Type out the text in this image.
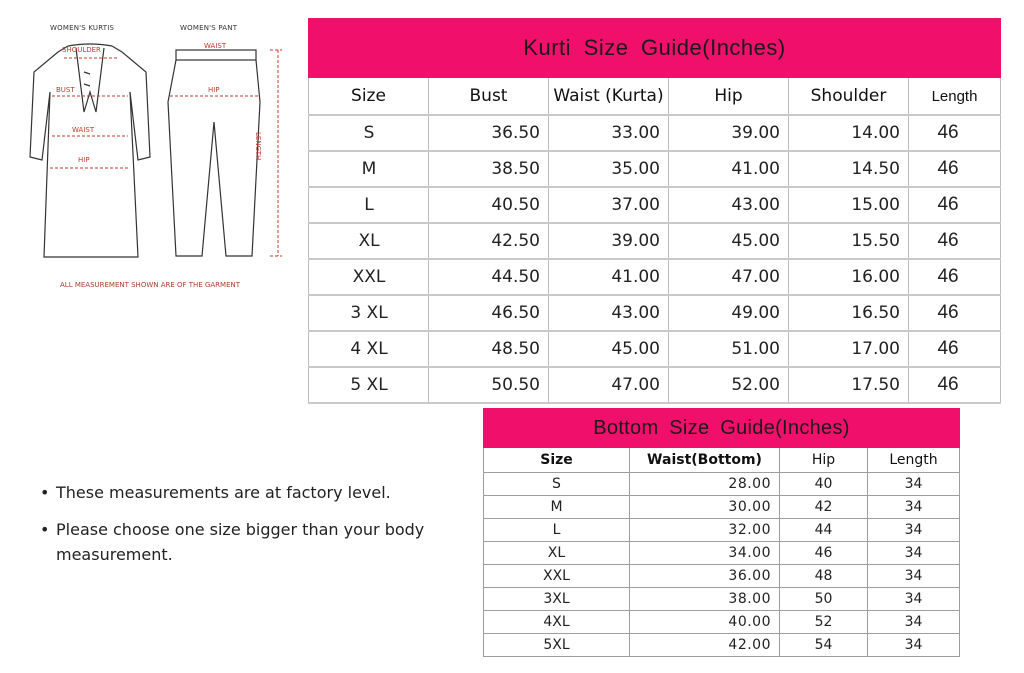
WOMEN'S KURTIS	WOMEN'S PANT
SHOULDER
BUST
WAIST
HIP
WAIST
HIP
LENGTH
ALL MEASUREMENT SHOWN ARE OF THE GARMENT
Kurti Size Guide(Inches)					
Size	Bust	Waist (Kurta)	Hip	Shoulder	Length
S	36.50	33.00	39.00	14.00	46
M	38.50	35.00	41.00	14.50	46
L	40.50	37.00	43.00	15.00	46
XL	42.50	39.00	45.00	15.50	46
XXL	44.50	41.00	47.00	16.00	46
3 XL	46.50	43.00	49.00	16.50	46
4 XL	48.50	45.00	51.00	17.00	46
5 XL	50.50	47.00	52.00	17.50	46
• These measurements are at factory level.
• Please choose one size bigger than your body measurement.
Bottom Size Guide(Inches)			
Size	Waist(Bottom)	Hip	Length
S	28.00	40	34
M	30.00	42	34
L	32.00	44	34
XL	34.00	46	34
XXL	36.00	48	34
3XL	38.00	50	34
4XL	40.00	52	34
5XL	42.00	54	34
